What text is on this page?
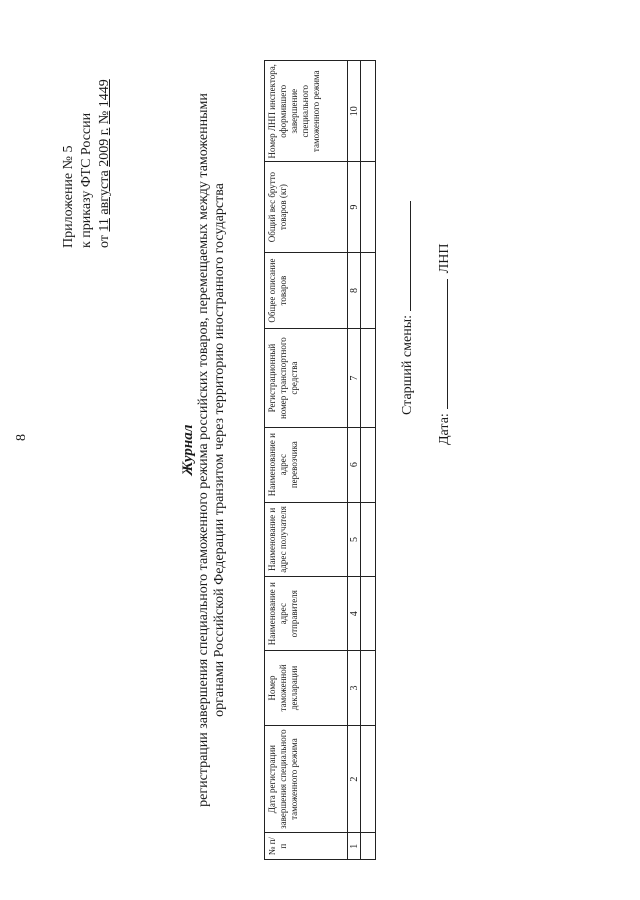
8
Приложение № 5 к приказу ФТС России от 11 августа 2009 г. № 1449
Журнал регистрации завершения специального таможенного режима российских товаров, перемещаемых между таможенными органами Российской Федерации транзитом через территорию иностранного государства
№ п/п	Дата регистрации завершения специального таможенного режима	Номер таможенной декларации	Наименование и адрес отправителя	Наименование и адрес получателя	Наименование и адрес перевозчика	Регистрационный номер транспортного средства	Общее описание товаров	Общий вес брутто товаров (кг)	Номер ЛНП инспектора, оформившего завершение специального таможенного режима
1	2	3	4	5	6	7	8	9	10

Старший смены:
Дата:ЛНП
